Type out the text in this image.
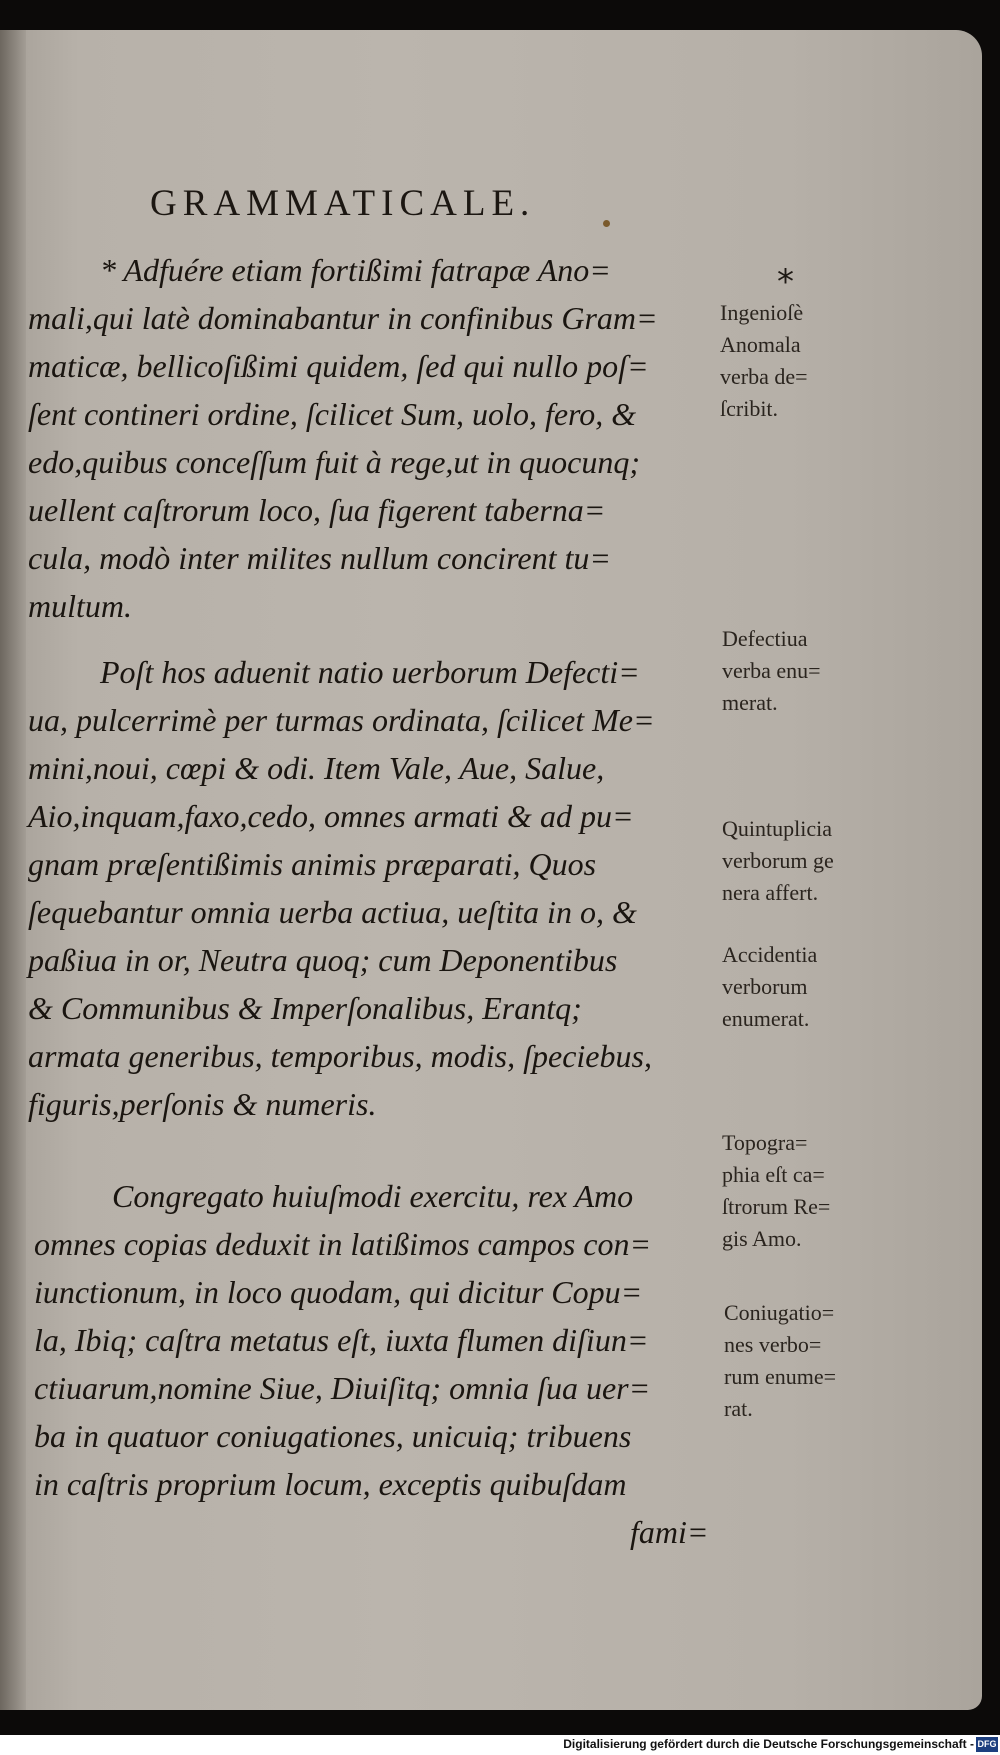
GRAMMATICALE.
* Adfuére etiam fortißimi fatrapæ Ano=
mali,qui latè dominabantur in confinibus Gram=
maticæ, bellicoſißimi quidem, ſed qui nullo poſ=
ſent contineri ordine, ſcilicet Sum, uolo, fero, &
edo,quibus conceſſum fuit à rege,ut in quocunq;
uellent caſtrorum loco, ſua figerent taberna=
cula, modò inter milites nullum concirent tu=
multum.
Poſt hos aduenit natio uerborum Defecti=
ua, pulcerrimè per turmas ordinata, ſcilicet Me=
mini,noui, cœpi & odi. Item Vale, Aue, Salue,
Aio,inquam,faxo,cedo, omnes armati & ad pu=
gnam præſentißimis animis præparati, Quos
ſequebantur omnia uerba actiua, ueſtita in o, &
paßiua in or, Neutra quoq; cum Deponentibus
& Communibus & Imperſonalibus, Erantq;
armata generibus, temporibus, modis, ſpeciebus,
figuris,perſonis & numeris.
Congregato huiuſmodi exercitu, rex Amo
omnes copias deduxit in latißimos campos con=
iunctionum, in loco quodam, qui dicitur Copu=
la, Ibiq; caſtra metatus eſt, iuxta flumen diſiun=
ctiuarum,nomine Siue, Diuiſitq; omnia ſua uer=
ba in quatuor coniugationes, unicuiq; tribuens
in caſtris proprium locum, exceptis quibuſdam
fami=
*
Ingenioſè
Anomala
verba de=
ſcribit.
Defectiua
verba enu=
merat.
Quintuplicia
verborum ge
nera affert.
Accidentia
verborum
enumerat.
Topogra=
phia eſt ca=
ſtrorum Re=
gis Amo.
Coniugatio=
nes verbo=
rum enume=
rat.
Digitalisierung gefördert durch die Deutsche Forschungsgemeinschaft - DFG
